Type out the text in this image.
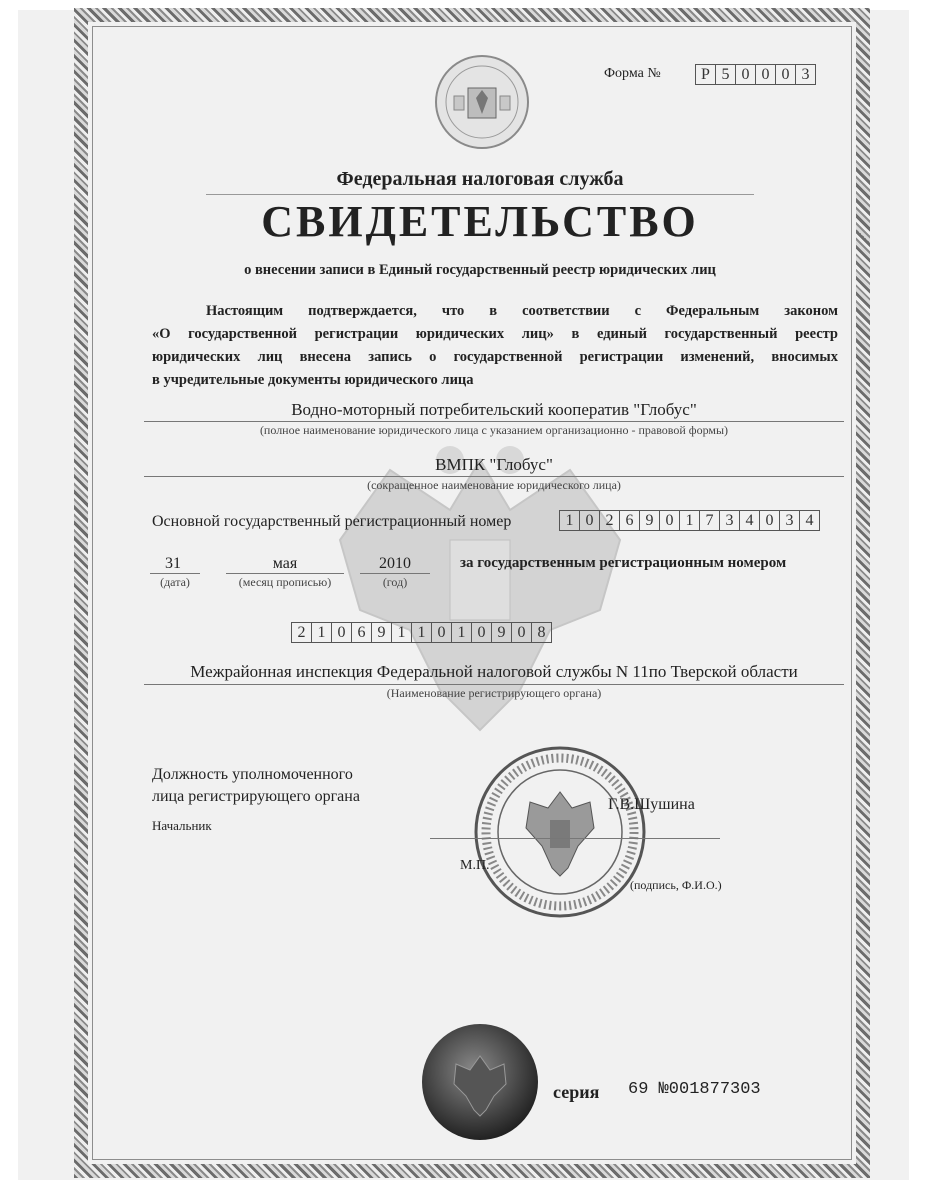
Форма №	Р 5 0 0 0 3
Федеральная налоговая служба
СВИДЕТЕЛЬСТВО
о внесении записи в Единый государственный реестр юридических лиц
Настоящим подтверждается, что в соответствии с Федеральным законом
«О государственной регистрации юридических лиц» в единый государственный реестр
юридических лиц внесена запись о государственной регистрации изменений, вносимых
в учредительные документы юридического лица
Водно-моторный потребительский кооператив "Глобус"
(полное наименование юридического лица с указанием организационно - правовой формы)
ВМПК "Глобус"
(сокращенное наименование юридического лица)
Основной государственный регистрационный номер	1 0 2 6 9 0 1 7 3 4 0 3 4
31
(дата)
мая
(месяц прописью)
2010
(год)
за государственным регистрационным номером
2 1 0 6 9 1 1 0 1 0 9 0 8
Межрайонная инспекция Федеральной налоговой службы N 11по Тверской области
(Наименование регистрирующего органа)
Должность уполномоченного
лица регистрирующего органа
Начальник
Г.В.Шушина
М.П.
(подпись, Ф.И.О.)
серия 69 №001877303
